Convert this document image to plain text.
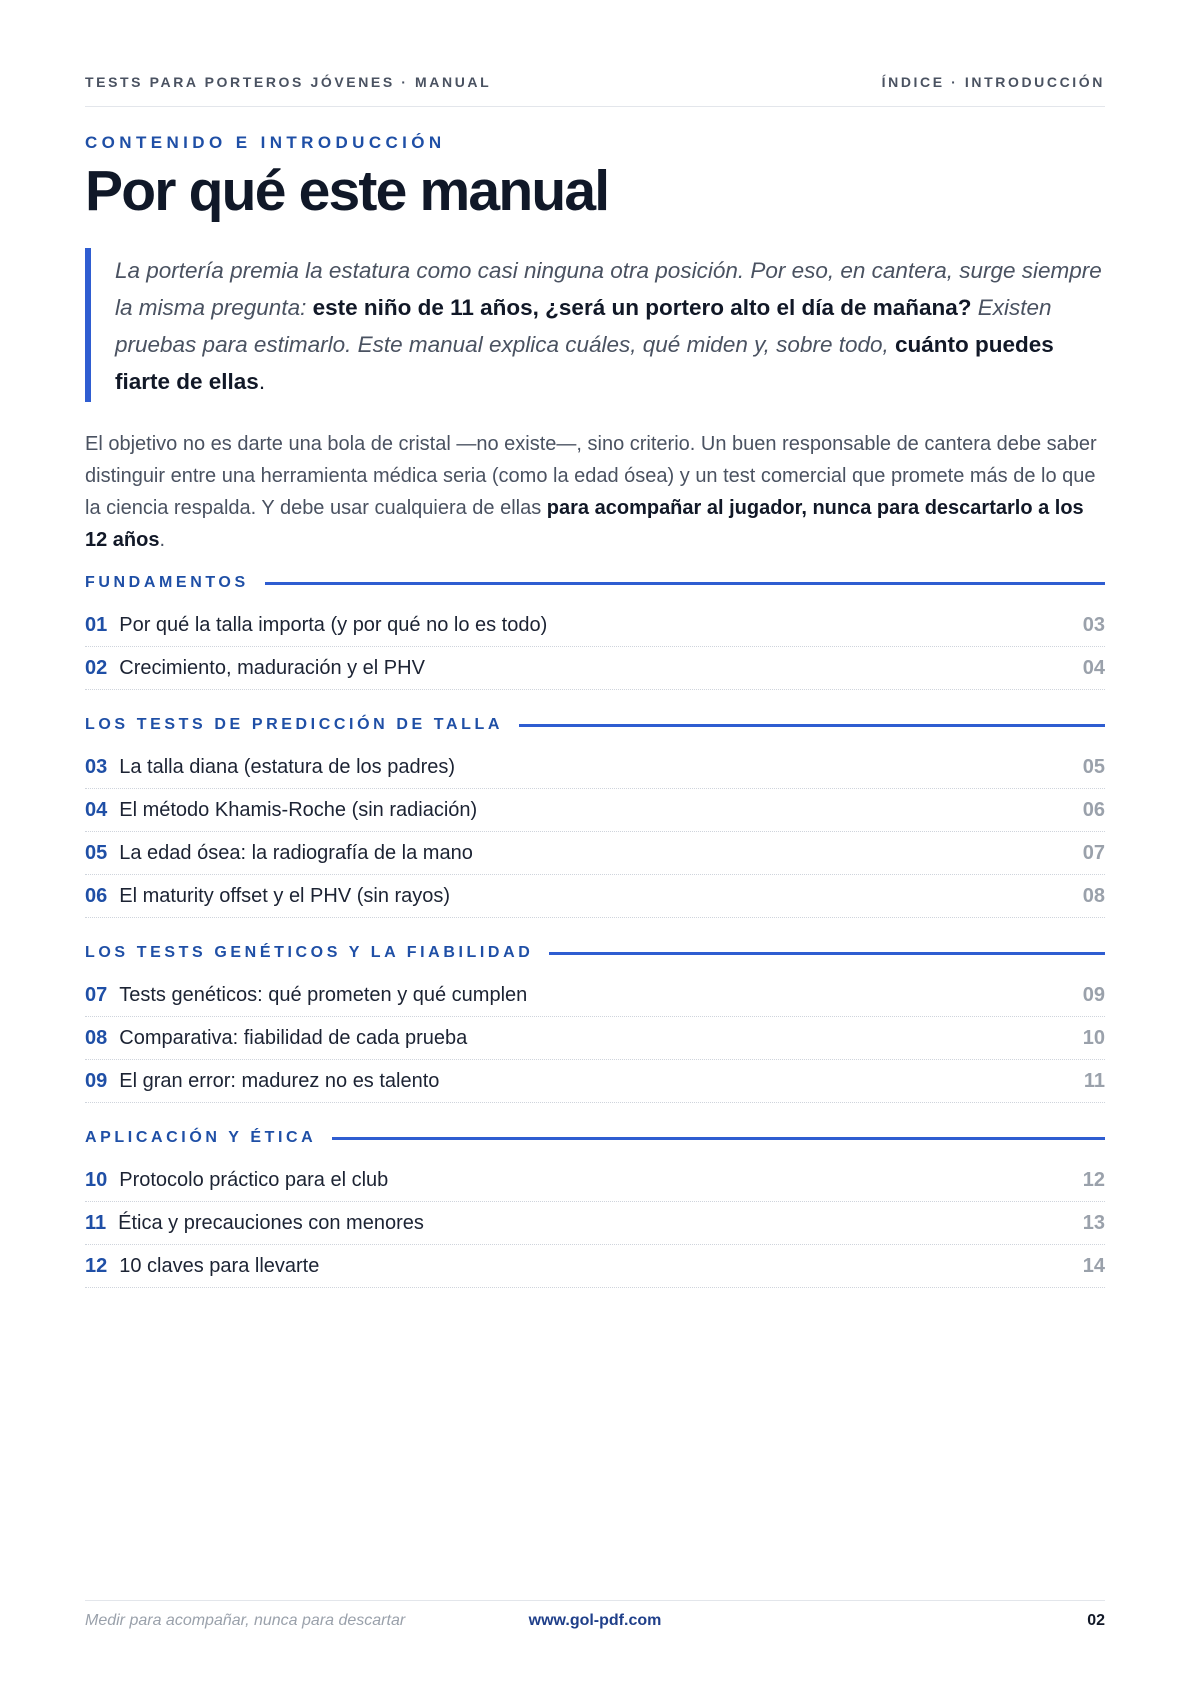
TESTS PARA PORTEROS JÓVENES · MANUAL	ÍNDICE · INTRODUCCIÓN
CONTENIDO E INTRODUCCIÓN
Por qué este manual
La portería premia la estatura como casi ninguna otra posición. Por eso, en cantera, surge siempre la misma pregunta: este niño de 11 años, ¿será un portero alto el día de mañana? Existen pruebas para estimarlo. Este manual explica cuáles, qué miden y, sobre todo, cuánto puedes fiarte de ellas.
El objetivo no es darte una bola de cristal —no existe—, sino criterio. Un buen responsable de cantera debe saber distinguir entre una herramienta médica seria (como la edad ósea) y un test comercial que promete más de lo que la ciencia respalda. Y debe usar cualquiera de ellas para acompañar al jugador, nunca para descartarlo a los 12 años.
FUNDAMENTOS
01 Por qué la talla importa (y por qué no lo es todo)	03
02 Crecimiento, maduración y el PHV	04
LOS TESTS DE PREDICCIÓN DE TALLA
03 La talla diana (estatura de los padres)	05
04 El método Khamis-Roche (sin radiación)	06
05 La edad ósea: la radiografía de la mano	07
06 El maturity offset y el PHV (sin rayos)	08
LOS TESTS GENÉTICOS Y LA FIABILIDAD
07 Tests genéticos: qué prometen y qué cumplen	09
08 Comparativa: fiabilidad de cada prueba	10
09 El gran error: madurez no es talento	11
APLICACIÓN Y ÉTICA
10 Protocolo práctico para el club	12
11 Ética y precauciones con menores	13
12 10 claves para llevarte	14
Medir para acompañar, nunca para descartar	www.gol-pdf.com	02
